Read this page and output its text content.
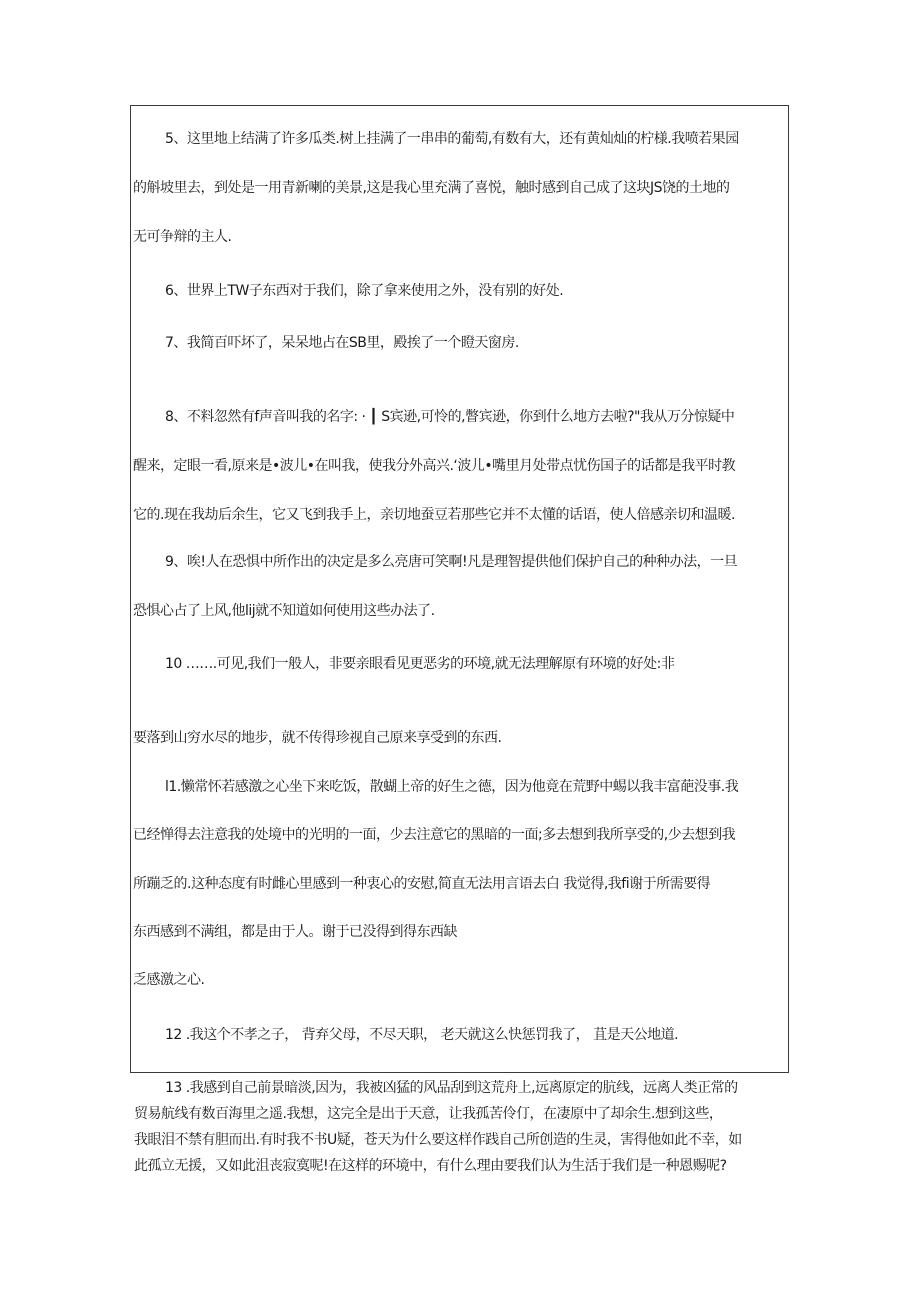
5、这里地上结满了许多瓜类.树上挂满了一串串的葡萄,有数有大，还有黄灿灿的柠様.我喷若果园
的斛坡里去，到处是一用青新喇的美景,这是我心里充满了喜悦，触时感到自己成了这块JS饶的土地的
无可争辩的主人.
6、世界上TW子东西对于我们，除了拿来使用之外，没有别的好处.
7、我简百吓坏了，呆呆地占在SB里，殿挨了一个瞪天窗房.
8、不料忽然有f声音叫我的名字: · ┃ S宾逊,可怜的,瞥宾逊，你到什么地方去啦?"我从万分惊疑中
醒来，定眼一看,原来是•波儿•在叫我，使我分外高兴.‘波儿•嘴里月处带点忧伤国子的话都是我平时教
它的.现在我劫后余生，它又飞到我手上，亲切地蚕豆若那些它并不太懂的话语，使人倍感亲切和温暖.
9、唉!人在恐惧中所作出的决定是多么亮唐可笑啊!凡是理智提供他们保护自己的种种办法，一旦
恐惧心占了上风,他lij就不知道如何使用这些办法了.
10 …….可见,我们一般人，非要亲眼看见更恶劣的环境,就无法理解原有环境的好处:非
要落到山穷水尽的地步，就不传得珍视自己原来享受到的东西.
l1.懒常怀若感激之心坐下来吃饭，散蝴上帝的好生之德，因为他竟在荒野中蜴以我丰富葩没事.我
已经惮得去注意我的处境中的光明的一面，少去注意它的黑暗的一面;多去想到我所享受的,少去想到我
所蹦乏的.这种态度有时雌心里感到一种衷心的安慰,简直无法用言语去白 我觉得,我fi谢于所需要得
东西感到不满组，都是由于人。谢于已没得到得东西缺
乏感激之心.
12 .我这个不孝之子， 背弃父母，不尽天职， 老天就这么快惩罚我了， 苴是天公地道.
13 .我感到自己前景暗淡,因为，我被凶猛的风品刮到这荒舟上,远离原定的肮线，远离人类正常的
贸易航线有数百海里之遥.我想，这完全是出于天意，让我孤苦伶仃，在凄原中了却余生.想到这些，
我眼泪不禁有胆而出.有时我不书U疑，苍天为什么要这样作践自己所创造的生灵，害得他如此不幸，如
此孤立无援，又如此沮丧寂寞呢!在这样的环境中，有什么理由要我们认为生活于我们是一种恩赐呢?
